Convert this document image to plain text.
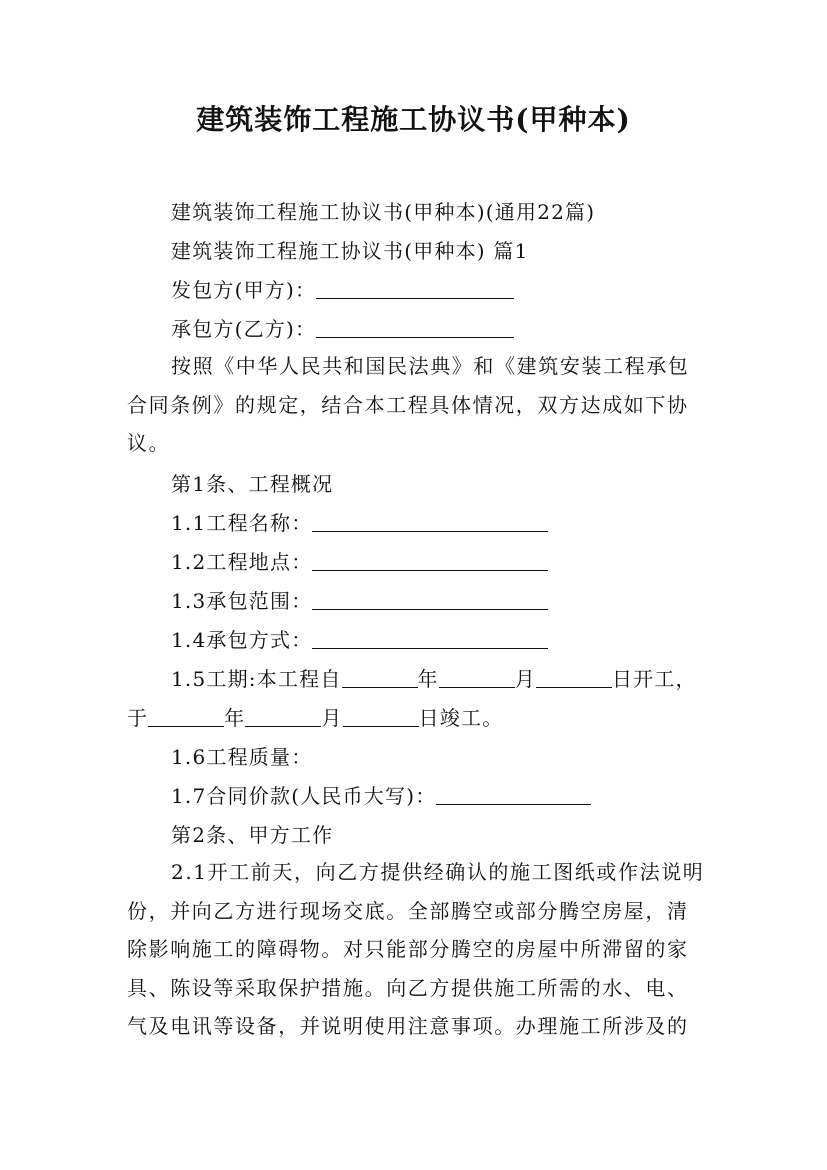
建筑装饰工程施工协议书(甲种本)
建筑装饰工程施工协议书(甲种本)(通用22篇)
建筑装饰工程施工协议书(甲种本) 篇1
发包方(甲方)：
承包方(乙方)：

按照《中华人民共和国民法典》和《建筑安装工程承包合同条例》的规定，结合本工程具体情况，双方达成如下协议。

第1条、工程概况
1.1工程名称：
1.2工程地点：
1.3承包范围：
1.4承包方式：
1.5工期:本工程自	年	月	日开工，
于	年	月	日竣工。
1.6工程质量：
1.7合同价款(人民币大写)：
第2条、甲方工作

2.1开工前天，向乙方提供经确认的施工图纸或作法说明份，并向乙方进行现场交底。全部腾空或部分腾空房屋，清除影响施工的障碍物。对只能部分腾空的房屋中所滞留的家具、陈设等采取保护措施。向乙方提供施工所需的水、电、气及电讯等设备，并说明使用注意事项。办理施工所涉及的
